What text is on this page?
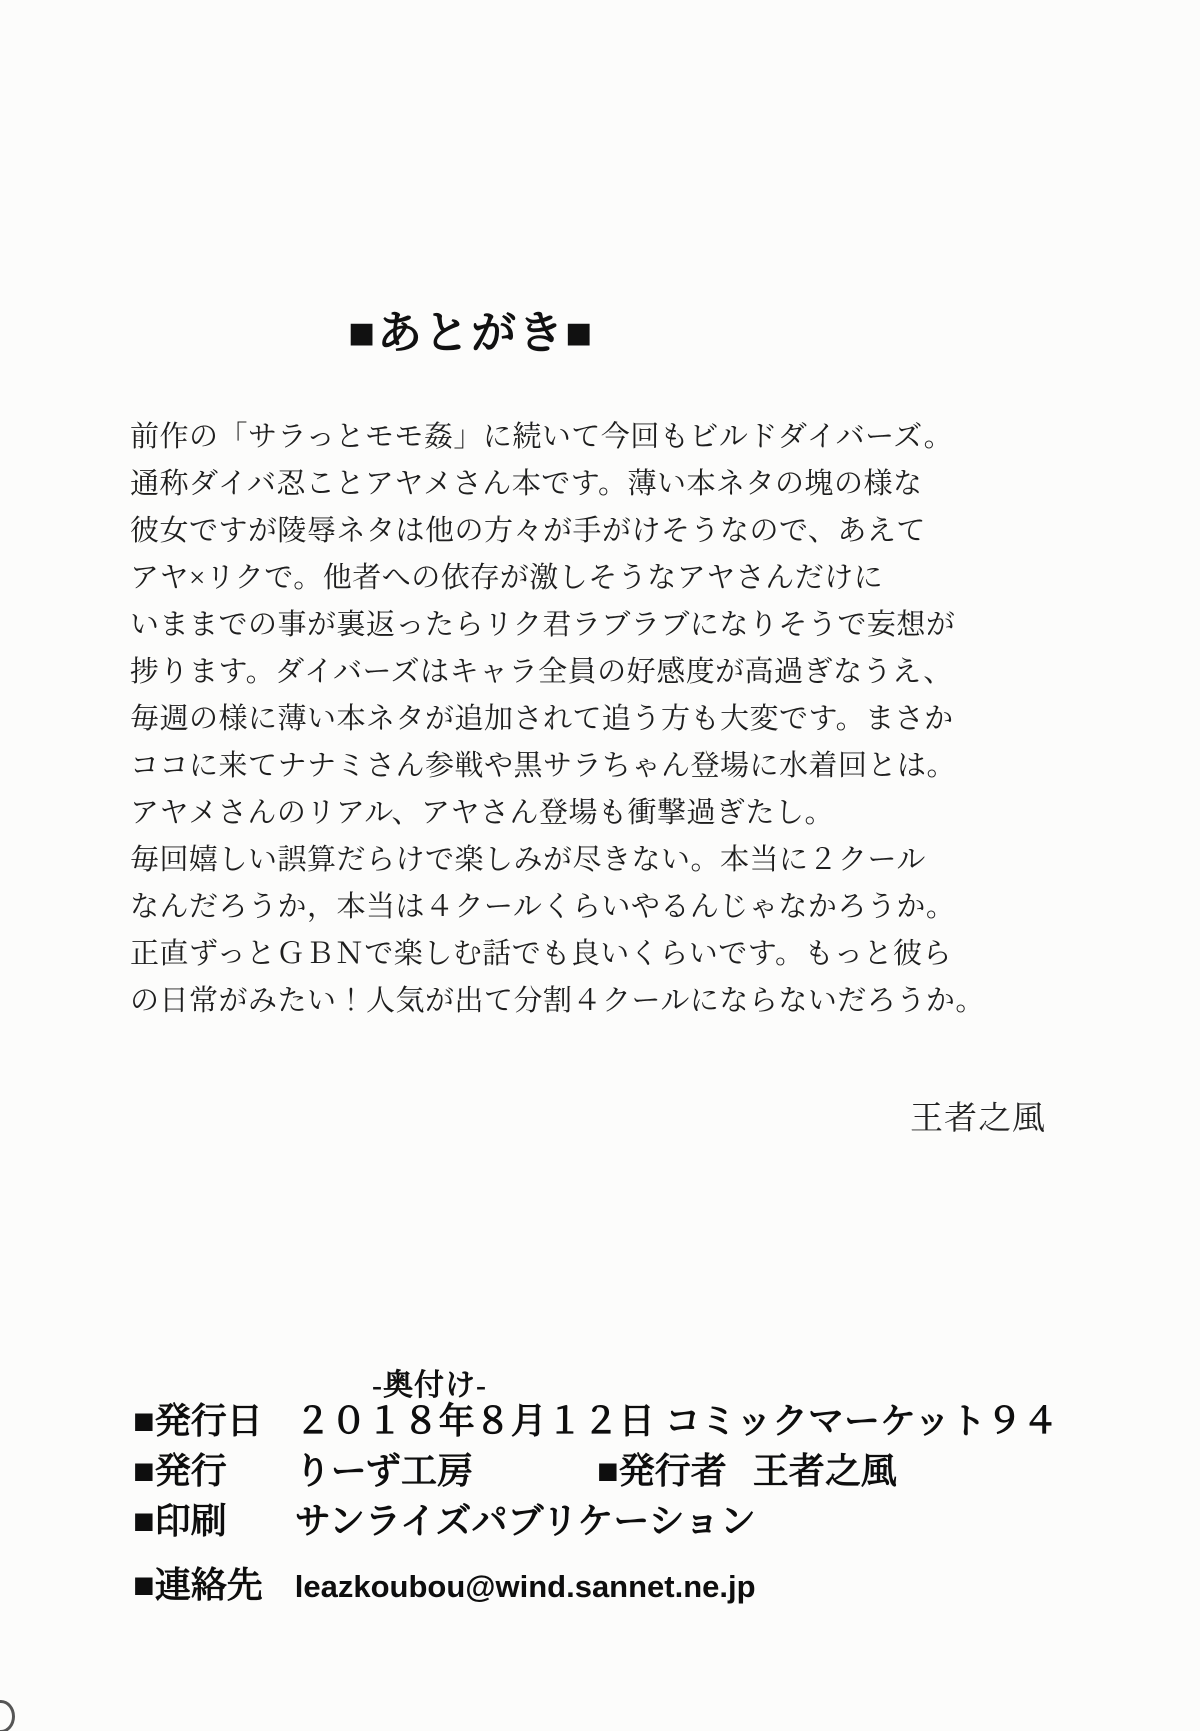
■あとがき■
前作の「サラっとモモ姦」に続いて今回もビルドダイバーズ。
通称ダイバ忍ことアヤメさん本です。薄い本ネタの塊の様な
彼女ですが陵辱ネタは他の方々が手がけそうなので、あえて
アヤ×リクで。他者への依存が激しそうなアヤさんだけに
いままでの事が裏返ったらリク君ラブラブになりそうで妄想が
捗ります。ダイバーズはキャラ全員の好感度が高過ぎなうえ、
毎週の様に薄い本ネタが追加されて追う方も大変です。まさか
ココに来てナナミさん参戦や黒サラちゃん登場に水着回とは。
アヤメさんのリアル、アヤさん登場も衝撃過ぎたし。
毎回嬉しい誤算だらけで楽しみが尽きない。本当に２クール
なんだろうか，本当は４クールくらいやるんじゃなかろうか。
正直ずっとＧＢＮで楽しむ話でも良いくらいです。もっと彼ら
の日常がみたい！人気が出て分割４クールにならないだろうか。
王者之風
-奥付け-
■発行日 ２０１８年８月１２日 コミックマーケット９４
■発行 りーず工房	■発行者 王者之風
■印刷 サンライズパブリケーション
■連絡先 leazkoubou@wind.sannet.ne.jp
